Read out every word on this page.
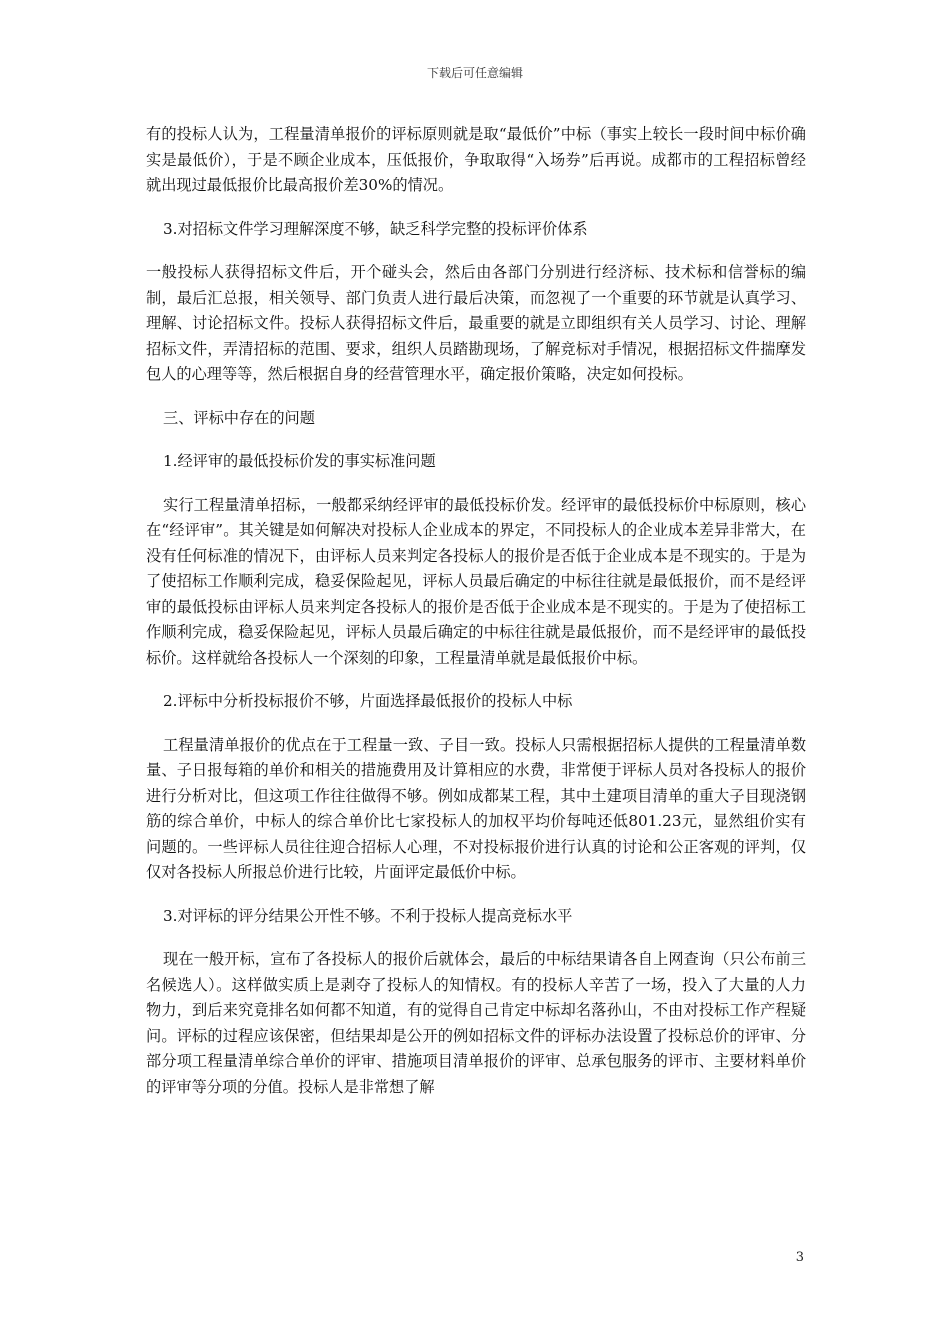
下载后可任意编辑

有的投标人认为，工程量清单报价的评标原则就是取“最低价”中标（事实上较长一段时间中标价确实是最低价），于是不顾企业成本，压低报价，争取取得“入场券”后再说。成都市的工程招标曾经就出现过最低报价比最高报价差30%的情况。

3.对招标文件学习理解深度不够，缺乏科学完整的投标评价体系

一般投标人获得招标文件后，开个碰头会，然后由各部门分别进行经济标、技术标和信誉标的编制，最后汇总报，相关领导、部门负责人进行最后决策，而忽视了一个重要的环节就是认真学习、理解、讨论招标文件。投标人获得招标文件后，最重要的就是立即组织有关人员学习、讨论、理解招标文件，弄清招标的范围、要求，组织人员踏勘现场，了解竞标对手情况，根据招标文件揣摩发包人的心理等等，然后根据自身的经营管理水平，确定报价策略，决定如何投标。

三、评标中存在的问题

1.经评审的最低投标价发的事实标准问题

实行工程量清单招标，一般都采纳经评审的最低投标价发。经评审的最低投标价中标原则，核心在“经评审”。其关键是如何解决对投标人企业成本的界定，不同投标人的企业成本差异非常大，在没有任何标准的情况下，由评标人员来判定各投标人的报价是否低于企业成本是不现实的。于是为了使招标工作顺利完成，稳妥保险起见，评标人员最后确定的中标往往就是最低报价，而不是经评审的最低投标由评标人员来判定各投标人的报价是否低于企业成本是不现实的。于是为了使招标工作顺利完成，稳妥保险起见，评标人员最后确定的中标往往就是最低报价，而不是经评审的最低投标价。这样就给各投标人一个深刻的印象，工程量清单就是最低报价中标。

2.评标中分析投标报价不够，片面选择最低报价的投标人中标

工程量清单报价的优点在于工程量一致、子目一致。投标人只需根据招标人提供的工程量清单数量、子日报每箱的单价和相关的措施费用及计算相应的水费，非常便于评标人员对各投标人的报价进行分析对比，但这项工作往往做得不够。例如成都某工程，其中土建项目清单的重大子目现浇钢筋的综合单价，中标人的综合单价比七家投标人的加权平均价每吨还低801.23元，显然组价实有问题的。一些评标人员往往迎合招标人心理，不对投标报价进行认真的讨论和公正客观的评判，仅仅对各投标人所报总价进行比较，片面评定最低价中标。

3.对评标的评分结果公开性不够。不利于投标人提高竞标水平

现在一般开标，宣布了各投标人的报价后就体会，最后的中标结果请各自上网查询（只公布前三名候选人）。这样做实质上是剥夺了投标人的知情权。有的投标人辛苦了一场，投入了大量的人力物力，到后来究竟排名如何都不知道，有的觉得自己肯定中标却名落孙山，不由对投标工作产程疑问。评标的过程应该保密，但结果却是公开的例如招标文件的评标办法设置了投标总价的评审、分部分项工程量清单综合单价的评审、措施项目清单报价的评审、总承包服务的评市、主要材料单价的评审等分项的分值。投标人是非常想了解

3
